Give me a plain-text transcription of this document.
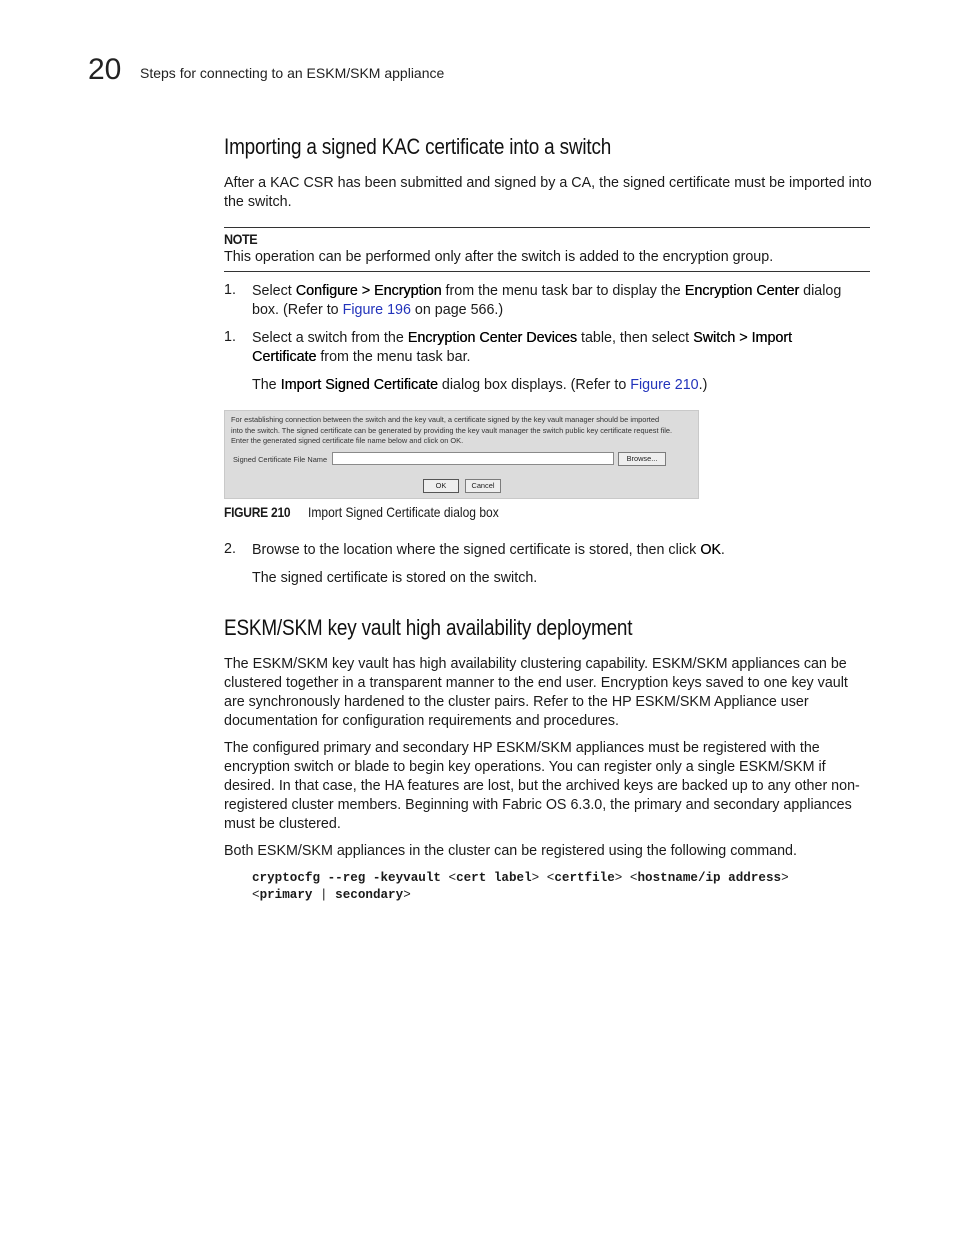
20 Steps for connecting to an ESKM/SKM appliance
Importing a signed KAC certificate into a switch
After a KAC CSR has been submitted and signed by a CA, the signed certificate must be imported into the switch.
NOTE
This operation can be performed only after the switch is added to the encryption group.
1. Select Configure > Encryption from the menu task bar to display the Encryption Center dialog box. (Refer to Figure 196 on page 566.)
1. Select a switch from the Encryption Center Devices table, then select Switch > Import Certificate from the menu task bar.
The Import Signed Certificate dialog box displays. (Refer to Figure 210.)
For establishing connection between the switch and the key vault, a certificate signed by the key vault manager should be imported
into the switch. The signed certificate can be generated by providing the key vault manager the switch public key certificate request file.
Enter the generated signed certificate file name below and click on OK.
Signed Certificate File Name	Browse...
OK	Cancel
FIGURE 210 Import Signed Certificate dialog box
2. Browse to the location where the signed certificate is stored, then click OK.
The signed certificate is stored on the switch.
ESKM/SKM key vault high availability deployment
The ESKM/SKM key vault has high availability clustering capability. ESKM/SKM appliances can be clustered together in a transparent manner to the end user. Encryption keys saved to one key vault are synchronously hardened to the cluster pairs. Refer to the HP ESKM/SKM Appliance user documentation for configuration requirements and procedures.
The configured primary and secondary HP ESKM/SKM appliances must be registered with the encryption switch or blade to begin key operations. You can register only a single ESKM/SKM if desired. In that case, the HA features are lost, but the archived keys are backed up to any other non-registered cluster members. Beginning with Fabric OS 6.3.0, the primary and secondary appliances must be clustered.
Both ESKM/SKM appliances in the cluster can be registered using the following command.
cryptocfg --reg -keyvault <cert label> <certfile> <hostname/ip address>
<primary | secondary>
